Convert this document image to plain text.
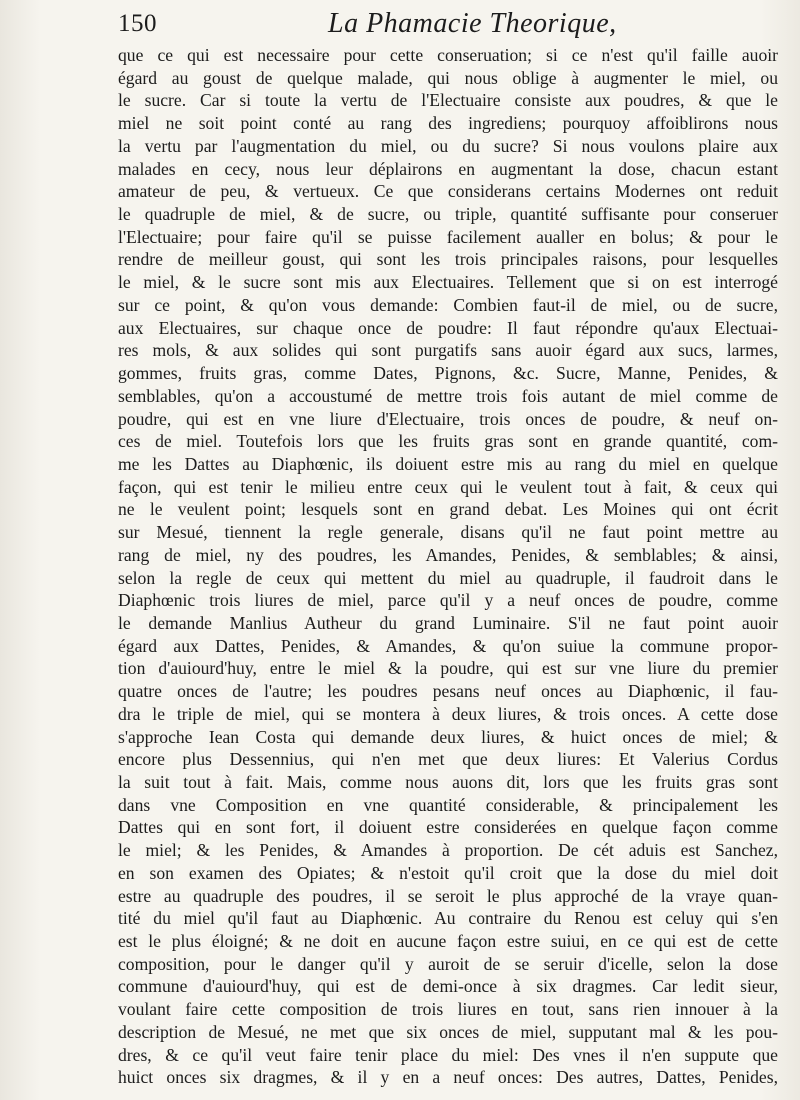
150	La Phamacie Theorique,
que ce qui est necessaire pour cette conseruation; si ce n'est qu'il faille auoir
égard au goust de quelque malade, qui nous oblige à augmenter le miel, ou
le sucre. Car si toute la vertu de l'Electuaire consiste aux poudres, & que le
miel ne soit point conté au rang des ingrediens; pourquoy affoiblirons nous
la vertu par l'augmentation du miel, ou du sucre? Si nous voulons plaire aux
malades en cecy, nous leur déplairons en augmentant la dose, chacun estant
amateur de peu, & vertueux. Ce que considerans certains Modernes ont reduit
le quadruple de miel, & de sucre, ou triple, quantité suffisante pour conseruer
l'Electuaire; pour faire qu'il se puisse facilement aualler en bolus; & pour le
rendre de meilleur goust, qui sont les trois principales raisons, pour lesquelles
le miel, & le sucre sont mis aux Electuaires. Tellement que si on est interrogé
sur ce point, & qu'on vous demande: Combien faut-il de miel, ou de sucre,
aux Electuaires, sur chaque once de poudre: Il faut répondre qu'aux Electuai-
res mols, & aux solides qui sont purgatifs sans auoir égard aux sucs, larmes,
gommes, fruits gras, comme Dates, Pignons, &c. Sucre, Manne, Penides, &
semblables, qu'on a accoustumé de mettre trois fois autant de miel comme de
poudre, qui est en vne liure d'Electuaire, trois onces de poudre, & neuf on-
ces de miel. Toutefois lors que les fruits gras sont en grande quantité, com-
me les Dattes au Diaphœnic, ils doiuent estre mis au rang du miel en quelque
façon, qui est tenir le milieu entre ceux qui le veulent tout à fait, & ceux qui
ne le veulent point; lesquels sont en grand debat. Les Moines qui ont écrit
sur Mesué, tiennent la regle generale, disans qu'il ne faut point mettre au
rang de miel, ny des poudres, les Amandes, Penides, & semblables; & ainsi,
selon la regle de ceux qui mettent du miel au quadruple, il faudroit dans le
Diaphœnic trois liures de miel, parce qu'il y a neuf onces de poudre, comme
le demande Manlius Autheur du grand Luminaire. S'il ne faut point auoir
égard aux Dattes, Penides, & Amandes, & qu'on suiue la commune propor-
tion d'auiourd'huy, entre le miel & la poudre, qui est sur vne liure du premier
quatre onces de l'autre; les poudres pesans neuf onces au Diaphœnic, il fau-
dra le triple de miel, qui se montera à deux liures, & trois onces. A cette dose
s'approche Iean Costa qui demande deux liures, & huict onces de miel; &
encore plus Dessennius, qui n'en met que deux liures: Et Valerius Cordus
la suit tout à fait. Mais, comme nous auons dit, lors que les fruits gras sont
dans vne Composition en vne quantité considerable, & principalement les
Dattes qui en sont fort, il doiuent estre considerées en quelque façon comme
le miel; & les Penides, & Amandes à proportion. De cét aduis est Sanchez,
en son examen des Opiates; & n'estoit qu'il croit que la dose du miel doit
estre au quadruple des poudres, il se seroit le plus approché de la vraye quan-
tité du miel qu'il faut au Diaphœnic. Au contraire du Renou est celuy qui s'en
est le plus éloigné; & ne doit en aucune façon estre suiui, en ce qui est de cette
composition, pour le danger qu'il y auroit de se seruir d'icelle, selon la dose
commune d'auiourd'huy, qui est de demi-once à six dragmes. Car ledit sieur,
voulant faire cette composition de trois liures en tout, sans rien innouer à la
description de Mesué, ne met que six onces de miel, supputant mal & les pou-
dres, & ce qu'il veut faire tenir place du miel: Des vnes il n'en suppute que
huict onces six dragmes, & il y en a neuf onces: Des autres, Dattes, Penides,
